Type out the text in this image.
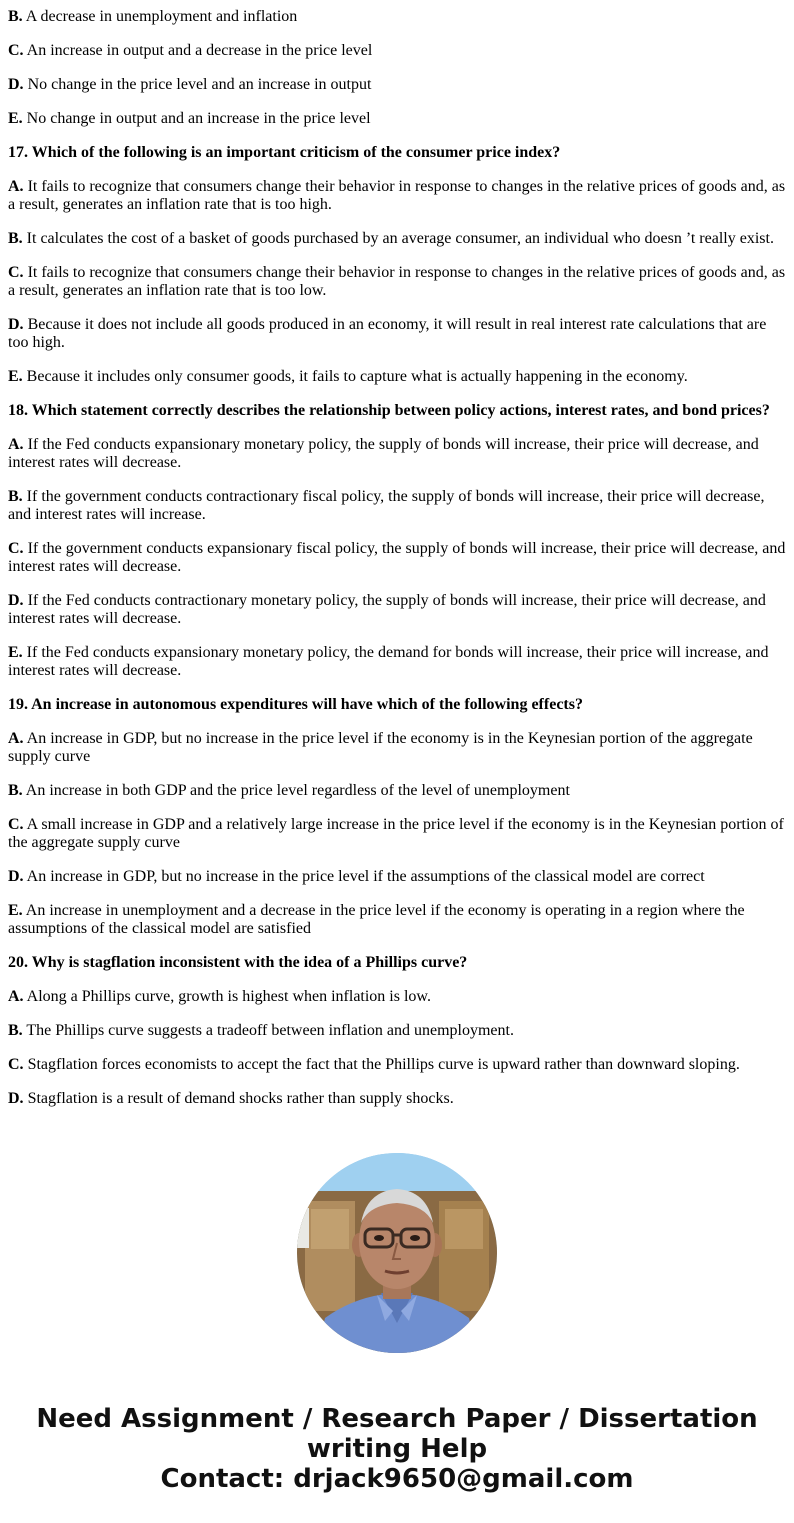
B. A decrease in unemployment and inflation
C. An increase in output and a decrease in the price level
D. No change in the price level and an increase in output
E. No change in output and an increase in the price level
17. Which of the following is an important criticism of the consumer price index?
A. It fails to recognize that consumers change their behavior in response to changes in the relative prices of goods and, as a result, generates an inflation rate that is too high.
B. It calculates the cost of a basket of goods purchased by an average consumer, an individual who doesn ’t really exist.
C. It fails to recognize that consumers change their behavior in response to changes in the relative prices of goods and, as a result, generates an inflation rate that is too low.
D. Because it does not include all goods produced in an economy, it will result in real interest rate calculations that are too high.
E. Because it includes only consumer goods, it fails to capture what is actually happening in the economy.
18. Which statement correctly describes the relationship between policy actions, interest rates, and bond prices?
A. If the Fed conducts expansionary monetary policy, the supply of bonds will increase, their price will decrease, and interest rates will decrease.
B. If the government conducts contractionary fiscal policy, the supply of bonds will increase, their price will decrease, and interest rates will increase.
C. If the government conducts expansionary fiscal policy, the supply of bonds will increase, their price will decrease, and interest rates will decrease.
D. If the Fed conducts contractionary monetary policy, the supply of bonds will increase, their price will decrease, and interest rates will decrease.
E. If the Fed conducts expansionary monetary policy, the demand for bonds will increase, their price will increase, and interest rates will decrease.
19. An increase in autonomous expenditures will have which of the following effects?
A. An increase in GDP, but no increase in the price level if the economy is in the Keynesian portion of the aggregate supply curve
B. An increase in both GDP and the price level regardless of the level of unemployment
C. A small increase in GDP and a relatively large increase in the price level if the economy is in the Keynesian portion of the aggregate supply curve
D. An increase in GDP, but no increase in the price level if the assumptions of the classical model are correct
E. An increase in unemployment and a decrease in the price level if the economy is operating in a region where the assumptions of the classical model are satisfied
20. Why is stagflation inconsistent with the idea of a Phillips curve?
A. Along a Phillips curve, growth is highest when inflation is low.
B. The Phillips curve suggests a tradeoff between inflation and unemployment.
C. Stagflation forces economists to accept the fact that the Phillips curve is upward rather than downward sloping.
D. Stagflation is a result of demand shocks rather than supply shocks.
Need Assignment / Research Paper / Dissertation
writing Help
Contact: drjack9650@gmail.com
